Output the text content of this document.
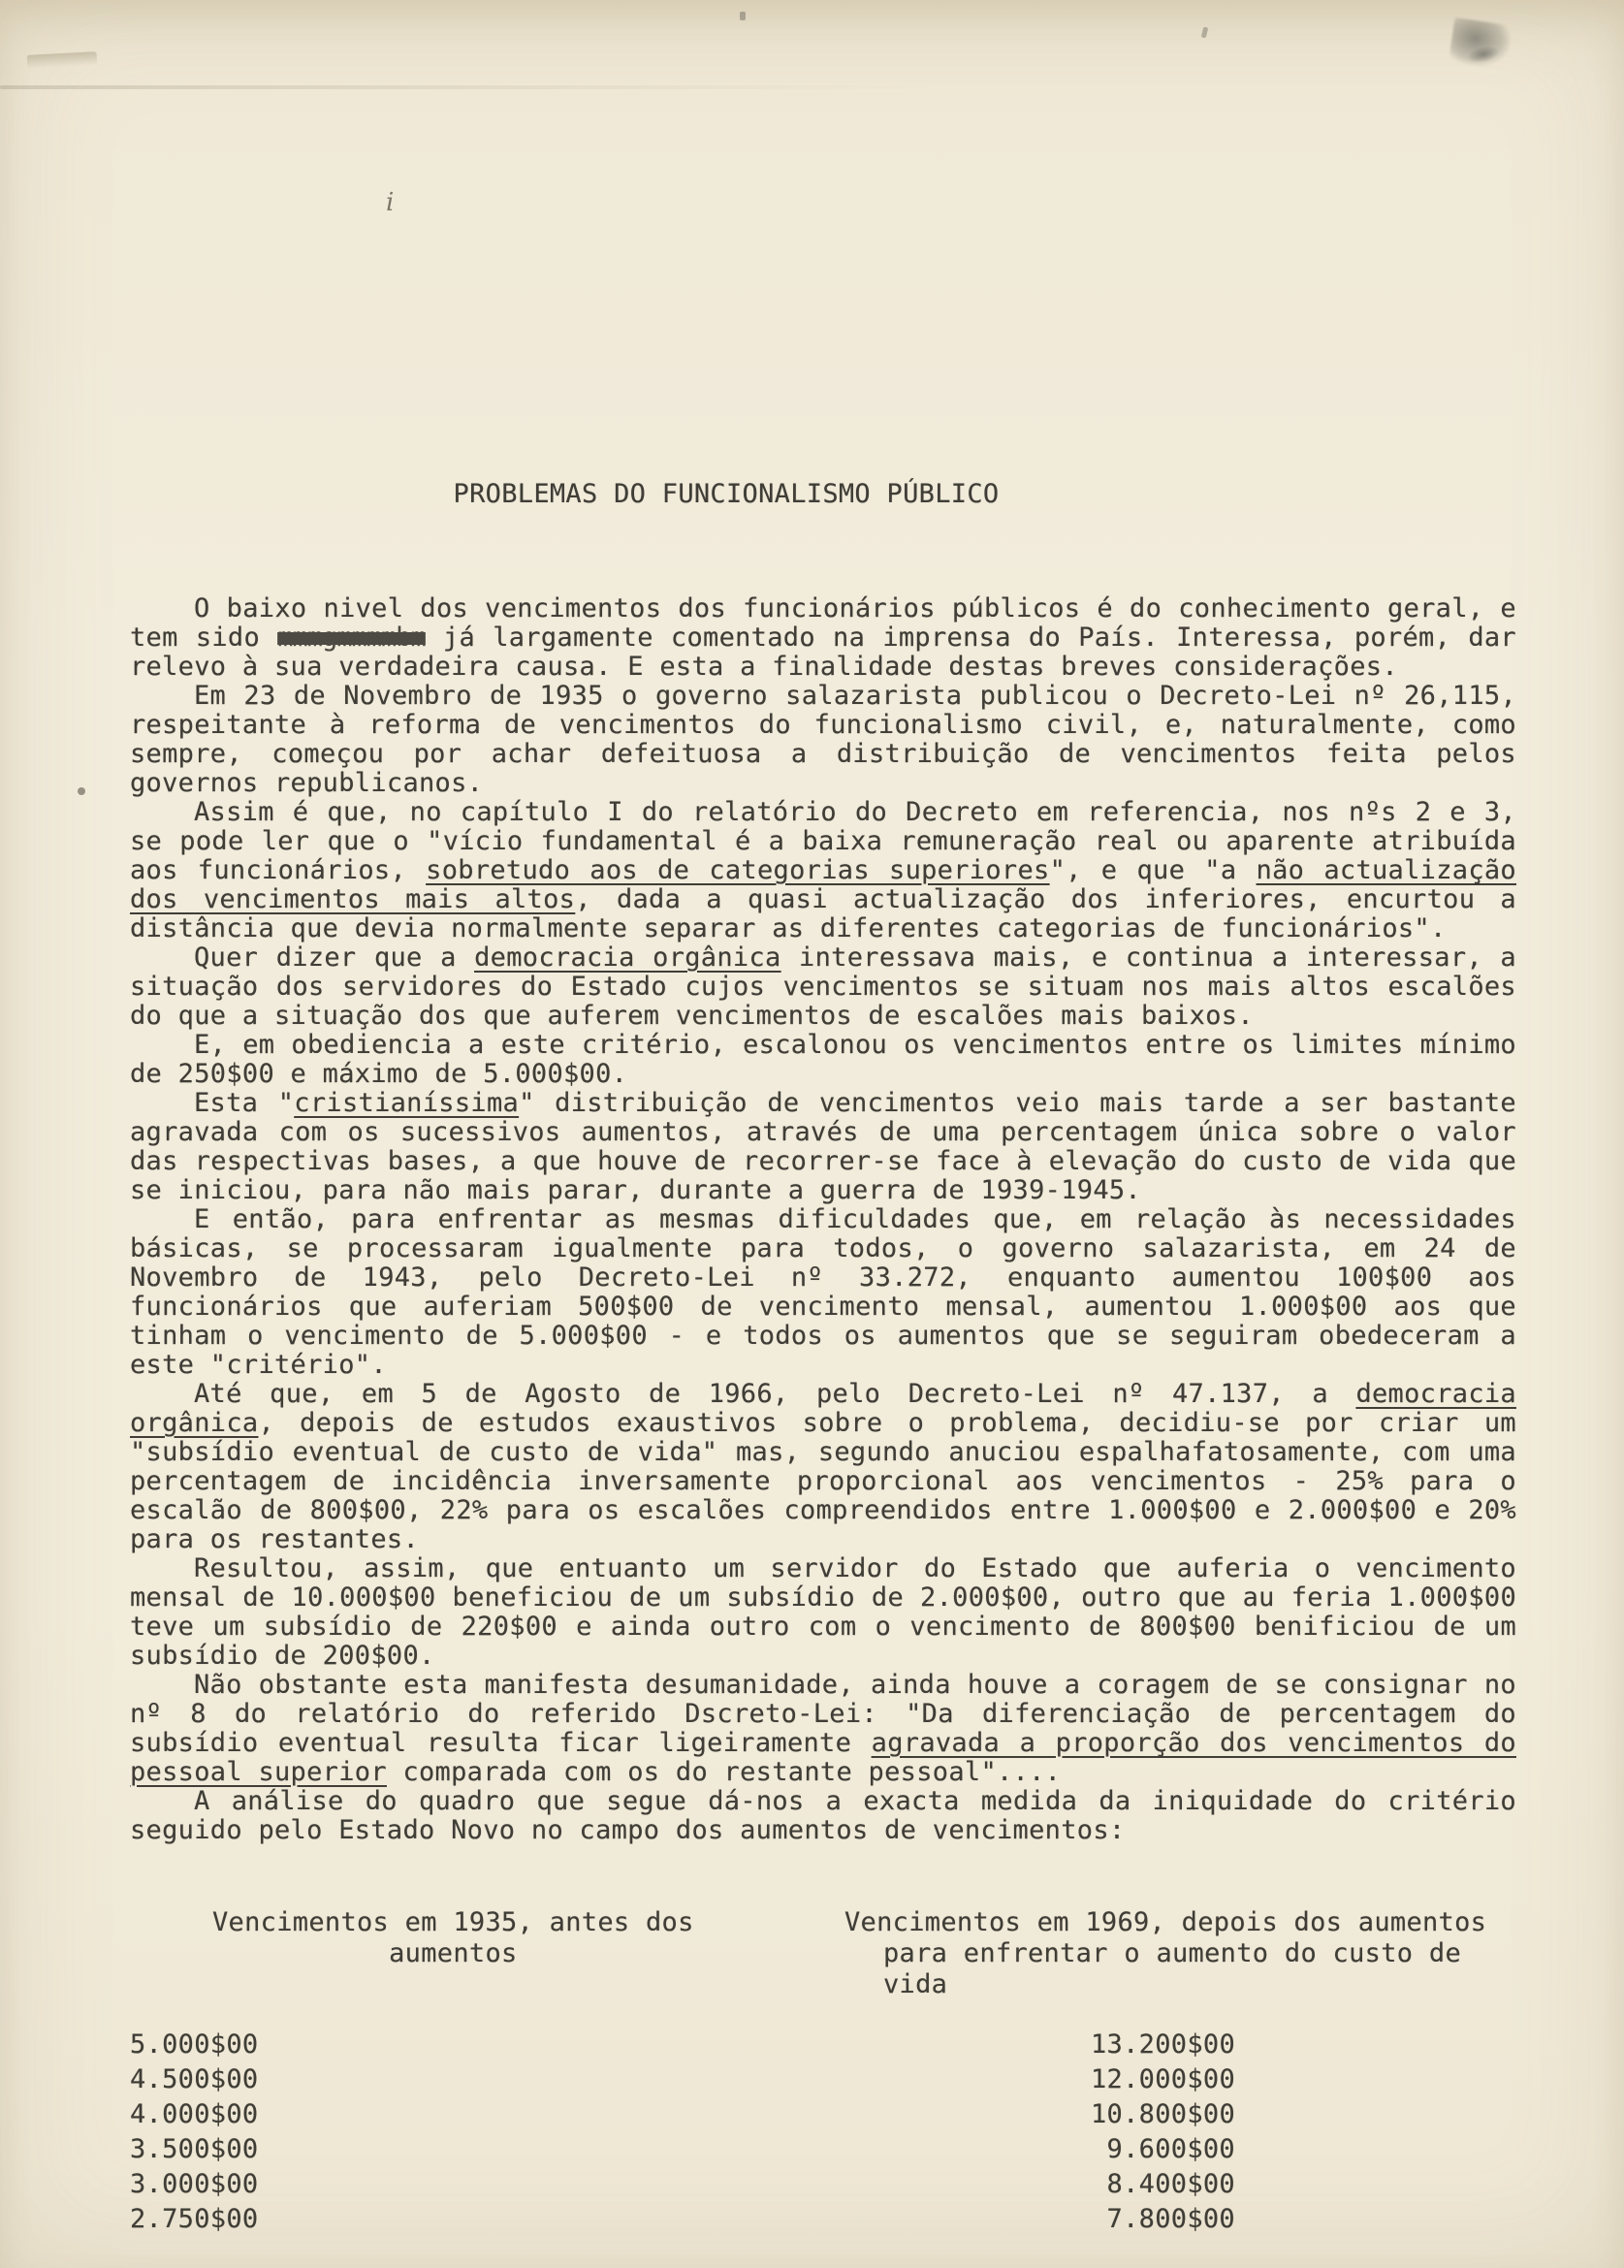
i
PROBLEMAS DO FUNCIONALISMO PÚBLICO

O baixo nivel dos vencimentos dos funcionários públicos é do conhecimento geral, e tem sido mmmgmmmmbm já largamente comentado na imprensa do País. Interessa, porém, dar relevo à sua verdadeira causa. E esta a finalidade destas breves considerações.

Em 23 de Novembro de 1935 o governo salazarista publicou o Decreto-Lei nº 26,115, respeitante à reforma de vencimentos do funcionalismo civil, e, naturalmente, como sempre, começou por achar defeituosa a distribuição de vencimentos feita pelos governos republicanos.

Assim é que, no capítulo I do relatório do Decreto em referencia, nos nºs 2 e 3, se pode ler que o "vício fundamental é a baixa remuneração real ou aparente atribuída aos funcionários, sobretudo aos de categorias superiores", e que "a não actualização dos vencimentos mais altos, dada a quasi actualização dos inferiores, encurtou a distância que devia normalmente separar as diferentes categorias de funcionários".

Quer dizer que a democracia orgânica interessava mais, e continua a interessar, a situação dos servidores do Estado cujos vencimentos se situam nos mais altos escalões do que a situação dos que auferem vencimentos de escalões mais baixos.

E, em obediencia a este critério, escalonou os vencimentos entre os limites mínimo de 250$00 e máximo de 5.000$00.

Esta "cristianíssima" distribuição de vencimentos veio mais tarde a ser bastante agravada com os sucessivos aumentos, através de uma percentagem única sobre o valor das respectivas bases, a que houve de recorrer-se face à elevação do custo de vida que se iniciou, para não mais parar, durante a guerra de 1939-1945.

E então, para enfrentar as mesmas dificuldades que, em relação às necessidades básicas, se processaram igualmente para todos, o governo salazarista, em 24 de Novembro de 1943, pelo Decreto-Lei nº 33.272, enquanto aumentou 100$00 aos funcionários que auferiam 500$00 de vencimento mensal, aumentou 1.000$00 aos que tinham o vencimento de 5.000$00 - e todos os aumentos que se seguiram obedeceram a este "critério".

Até que, em 5 de Agosto de 1966, pelo Decreto-Lei nº 47.137, a democracia orgânica, depois de estudos exaustivos sobre o problema, decidiu-se por criar um "subsídio eventual de custo de vida" mas, segundo anuciou espalhafatosamente, com uma percentagem de incidência inversamente proporcional aos vencimentos - 25% para o escalão de 800$00, 22% para os escalões compreendidos entre 1.000$00 e 2.000$00 e 20% para os restantes.

Resultou, assim, que entuanto um servidor do Estado que auferia o vencimento mensal de 10.000$00 beneficiou de um subsídio de 2.000$00, outro que au feria 1.000$00 teve um subsídio de 220$00 e ainda outro com o vencimento de 800$00 benificiou de um subsídio de 200$00.

Não obstante esta manifesta desumanidade, ainda houve a coragem de se consignar no nº 8 do relatório do referido Dscreto-Lei: "Da diferenciação de percentagem do subsídio eventual resulta ficar ligeiramente agravada a proporção dos vencimentos do pessoal superior comparada com os do restante pessoal"....

A análise do quadro que segue dá-nos a exacta medida da iniquidade do critério seguido pelo Estado Novo no campo dos aumentos de vencimentos:

Vencimentos em 1935, antes dos
aumentos
Vencimentos em 1969, depois dos aumentos
para enfrentar o aumento do custo de vida
5.000$00	13.200$00
4.500$00	12.000$00
4.000$00	10.800$00
3.500$00	9.600$00
3.000$00	8.400$00
2.750$00	7.800$00
